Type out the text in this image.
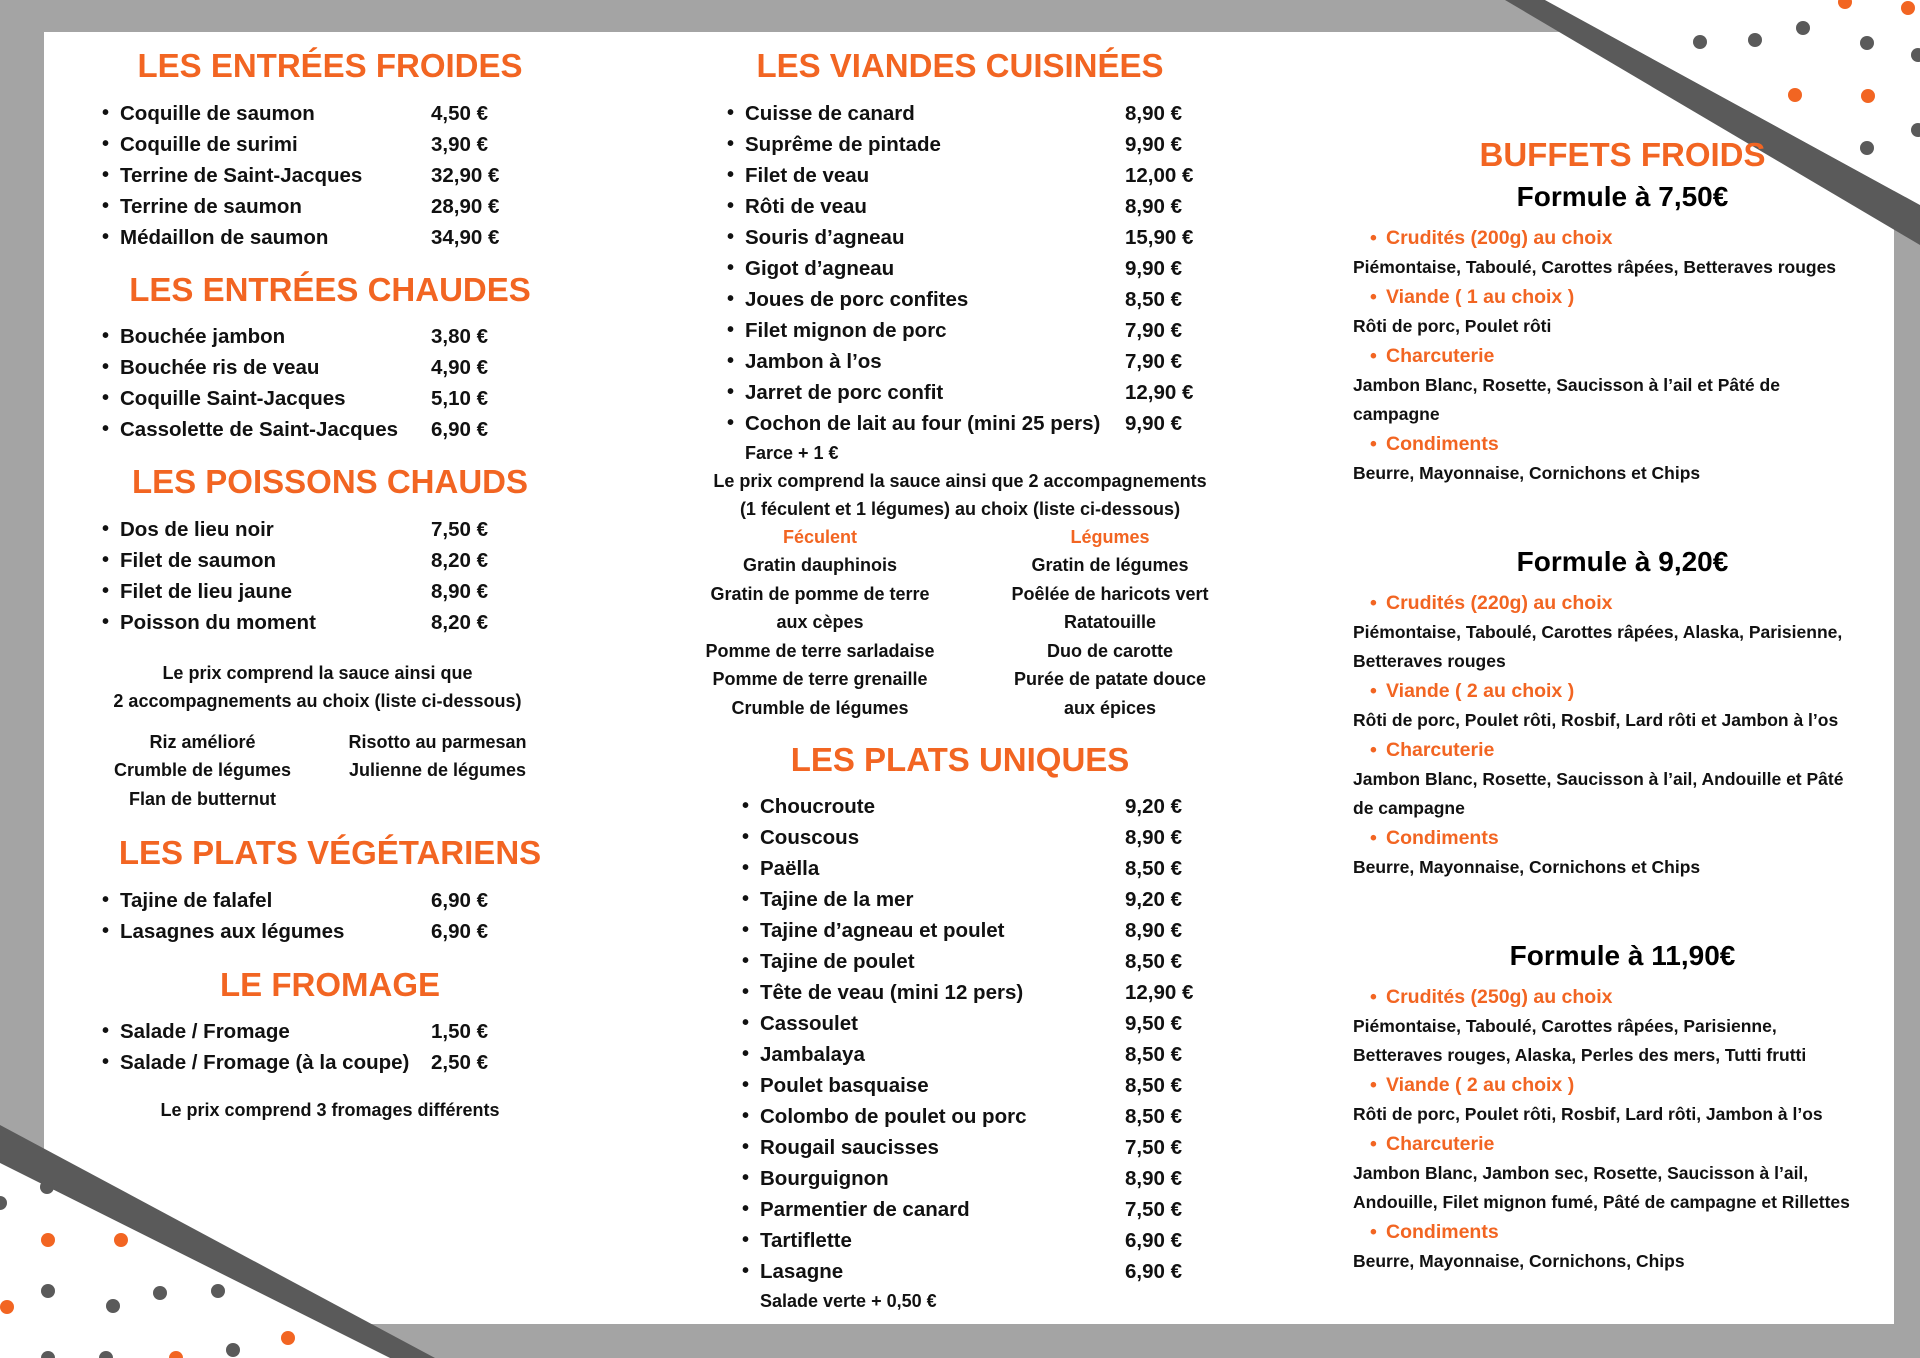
LES ENTRÉES FROIDES
• Coquille de saumon	4,50 €
• Coquille de surimi	3,90 €
• Terrine de Saint-Jacques	32,90 €
• Terrine de saumon	28,90 €
• Médaillon de saumon	34,90 €
LES ENTRÉES CHAUDES
• Bouchée jambon	3,80 €
• Bouchée ris de veau	4,90 €
• Coquille Saint-Jacques	5,10 €
• Cassolette de Saint-Jacques 6,90 €
LES POISSONS CHAUDS
• Dos de lieu noir	7,50 €
• Filet de saumon	8,20 €
• Filet de lieu jaune	8,90 €
• Poisson du moment	8,20 €

Le prix comprend la sauce ainsi que

2 accompagnements au choix (liste ci-dessous)

Riz amélioré	Risotto au parmesan
Crumble de légumes	Julienne de légumes
Flan de butternut
LES PLATS VÉGÉTARIENS
• Tajine de falafel	6,90 €
• Lasagnes aux légumes	6,90 €
LE FROMAGE
• Salade / Fromage	1,50 €
• Salade / Fromage (à la coupe) 2,50 €

Le prix comprend 3 fromages différents

LES VIANDES CUISINÉES
• Cuisse de canard	8,90 €
• Suprême de pintade	9,90 €
• Filet de veau	12,00 €
• Rôti de veau	8,90 €
• Souris d’agneau	15,90 €
• Gigot d’agneau	9,90 €
• Joues de porc confites	8,50 €
• Filet mignon de porc	7,90 €
• Jambon à l’os	7,90 €
• Jarret de porc confit	12,90 €
• Cochon de lait au four (mini 25 pers) 9,90 €
Farce + 1 €

Le prix comprend la sauce ainsi que 2 accompagnements

(1 féculent et 1 légumes) au choix (liste ci-dessous)

Féculent	Légumes
Gratin dauphinois	Gratin de légumes
Gratin de pomme de terre	Poêlée de haricots vert
aux cèpes	Ratatouille
Pomme de terre sarladaise	Duo de carotte
Pomme de terre grenaille	Purée de patate douce
Crumble de légumes	aux épices
LES PLATS UNIQUES
• Choucroute	9,20 €
• Couscous	8,90 €
• Paëlla	8,50 €
• Tajine de la mer	9,20 €
• Tajine d’agneau et poulet	8,90 €
• Tajine de poulet	8,50 €
• Tête de veau (mini 12 pers)	12,90 €
• Cassoulet	9,50 €
• Jambalaya	8,50 €
• Poulet basquaise	8,50 €
• Colombo de poulet ou porc	8,50 €
• Rougail saucisses	7,50 €
• Bourguignon	8,90 €
• Parmentier de canard	7,50 €
• Tartiflette	6,90 €
• Lasagne	6,90 €
Salade verte + 0,50 €
BUFFETS FROIDS
Formule à 7,50€
• Crudités (200g) au choix
Piémontaise, Taboulé, Carottes râpées, Betteraves rouges
• Viande ( 1 au choix )
Rôti de porc, Poulet rôti
• Charcuterie
Jambon Blanc, Rosette, Saucisson à l’ail et Pâté de
campagne
• Condiments
Beurre, Mayonnaise, Cornichons et Chips
Formule à 9,20€
• Crudités (220g) au choix
Piémontaise, Taboulé, Carottes râpées, Alaska, Parisienne,
Betteraves rouges
• Viande ( 2 au choix )
Rôti de porc, Poulet rôti, Rosbif, Lard rôti et Jambon à l’os
• Charcuterie
Jambon Blanc, Rosette, Saucisson à l’ail, Andouille et Pâté
de campagne
• Condiments
Beurre, Mayonnaise, Cornichons et Chips
Formule à 11,90€
• Crudités (250g) au choix
Piémontaise, Taboulé, Carottes râpées, Parisienne,
Betteraves rouges, Alaska, Perles des mers, Tutti frutti
• Viande ( 2 au choix )
Rôti de porc, Poulet rôti, Rosbif, Lard rôti, Jambon à l’os
• Charcuterie
Jambon Blanc, Jambon sec, Rosette, Saucisson à l’ail,
Andouille, Filet mignon fumé, Pâté de campagne et Rillettes
• Condiments
Beurre, Mayonnaise, Cornichons, Chips
